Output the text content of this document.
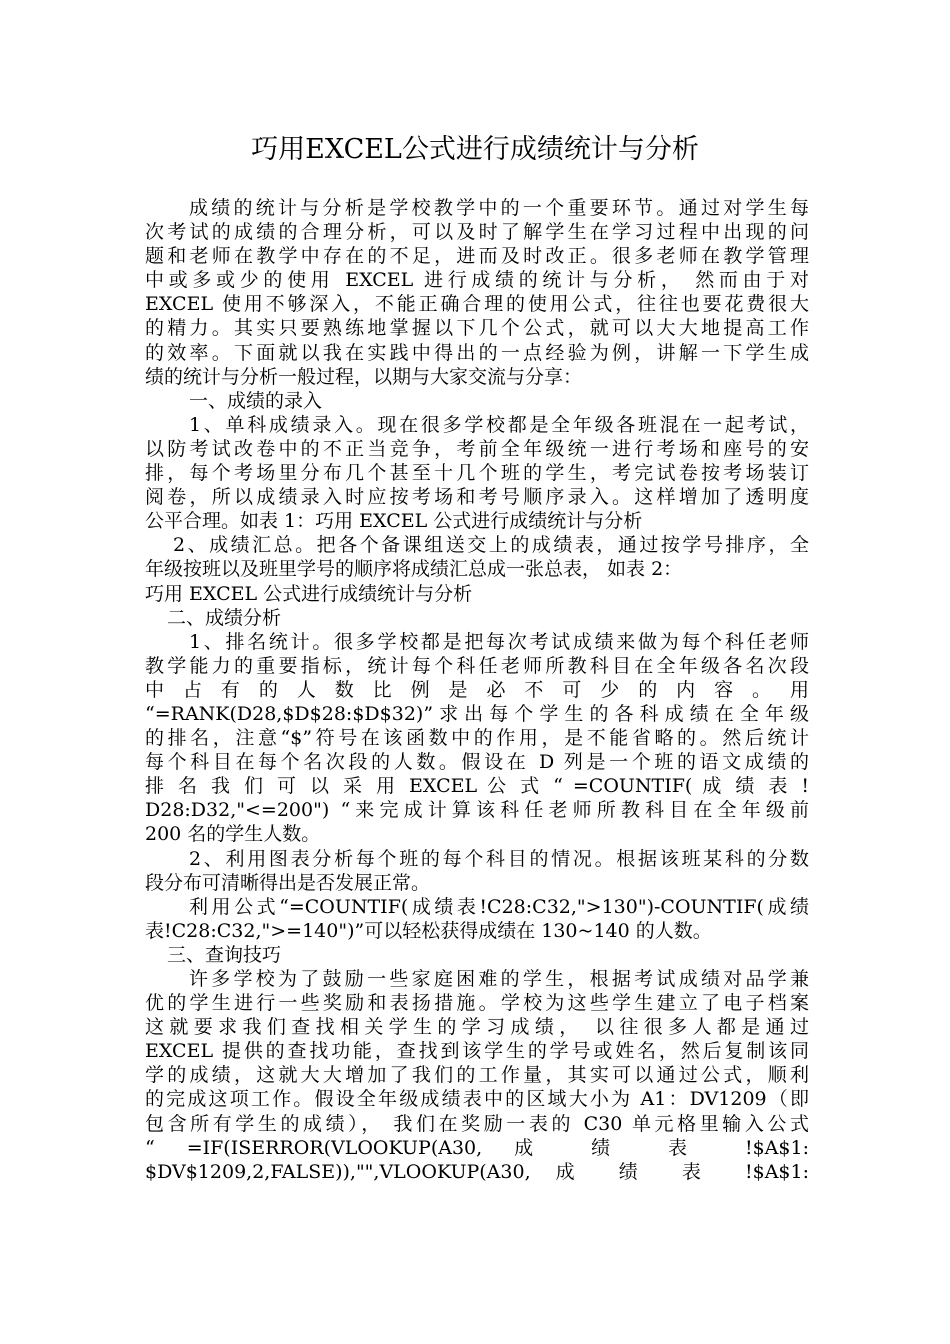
巧用EXCEL公式进行成绩统计与分析
成绩的统计与分析是学校教学中的一个重要环节。通过对学生每
次考试的成绩的合理分析，可以及时了解学生在学习过程中出现的问
题和老师在教学中存在的不足，进而及时改正。很多老师在教学管理
中或多或少的使用 EXCEL 进行成绩的统计与分析， 然而由于对
EXCEL 使用不够深入，不能正确合理的使用公式，往往也要花费很大
的精力。其实只要熟练地掌握以下几个公式，就可以大大地提高工作
的效率。下面就以我在实践中得出的一点经验为例，讲解一下学生成
绩的统计与分析一般过程，以期与大家交流与分享：
一、成绩的录入
1、单科成绩录入。现在很多学校都是全年级各班混在一起考试，
以防考试改卷中的不正当竞争，考前全年级统一进行考场和座号的安
排，每个考场里分布几个甚至十几个班的学生，考完试卷按考场装订
阅卷，所以成绩录入时应按考场和考号顺序录入。这样增加了透明度
公平合理。如表 1：巧用 EXCEL 公式进行成绩统计与分析
2、成绩汇总。把各个备课组送交上的成绩表，通过按学号排序，全
年级按班以及班里学号的顺序将成绩汇总成一张总表， 如表 2：
巧用 EXCEL 公式进行成绩统计与分析
二、成绩分析
1、排名统计。很多学校都是把每次考试成绩来做为每个科任老师
教学能力的重要指标，统计每个科任老师所教科目在全年级各名次段
中 占 有 的 人 数 比 例 是 必 不 可 少 的 内 容 。 用
“=RANK(D28,$D$28:$D$32)”求出每个学生的各科成绩在全年级
的排名，注意“$”符号在该函数中的作用，是不能省略的。然后统计
每个科目在每个名次段的人数。假设在 D 列是一个班的语文成绩的
排 名 我 们 可 以 采 用 EXCEL 公 式 “ =COUNTIF( 成 绩 表 !
D28:D32,"<=200") “来完成计算该科任老师所教科目在全年级前
200 名的学生人数。
2、利用图表分析每个班的每个科目的情况。根据该班某科的分数
段分布可清晰得出是否发展正常。
利用公式“=COUNTIF(成绩表!C28:C32,">130")-COUNTIF(成绩
表!C28:C32,">=140")”可以轻松获得成绩在 130~140 的人数。
三、查询技巧
许多学校为了鼓励一些家庭困难的学生，根据考试成绩对品学兼
优的学生进行一些奖励和表扬措施。学校为这些学生建立了电子档案
这就要求我们查找相关学生的学习成绩， 以往很多人都是通过
EXCEL 提供的查找功能，查找到该学生的学号或姓名，然后复制该同
学的成绩，这就大大增加了我们的工作量，其实可以通过公式，顺利
的完成这项工作。假设全年级成绩表中的区域大小为 A1：DV1209（即
包含所有学生的成绩）， 我们在奖励一表的 C30 单元格里输入公式
“ =IF(ISERROR(VLOOKUP(A30, 成 绩 表 !$A$1:
$DV$1209,2,FALSE)),"",VLOOKUP(A30, 成 绩 表 !$A$1:
